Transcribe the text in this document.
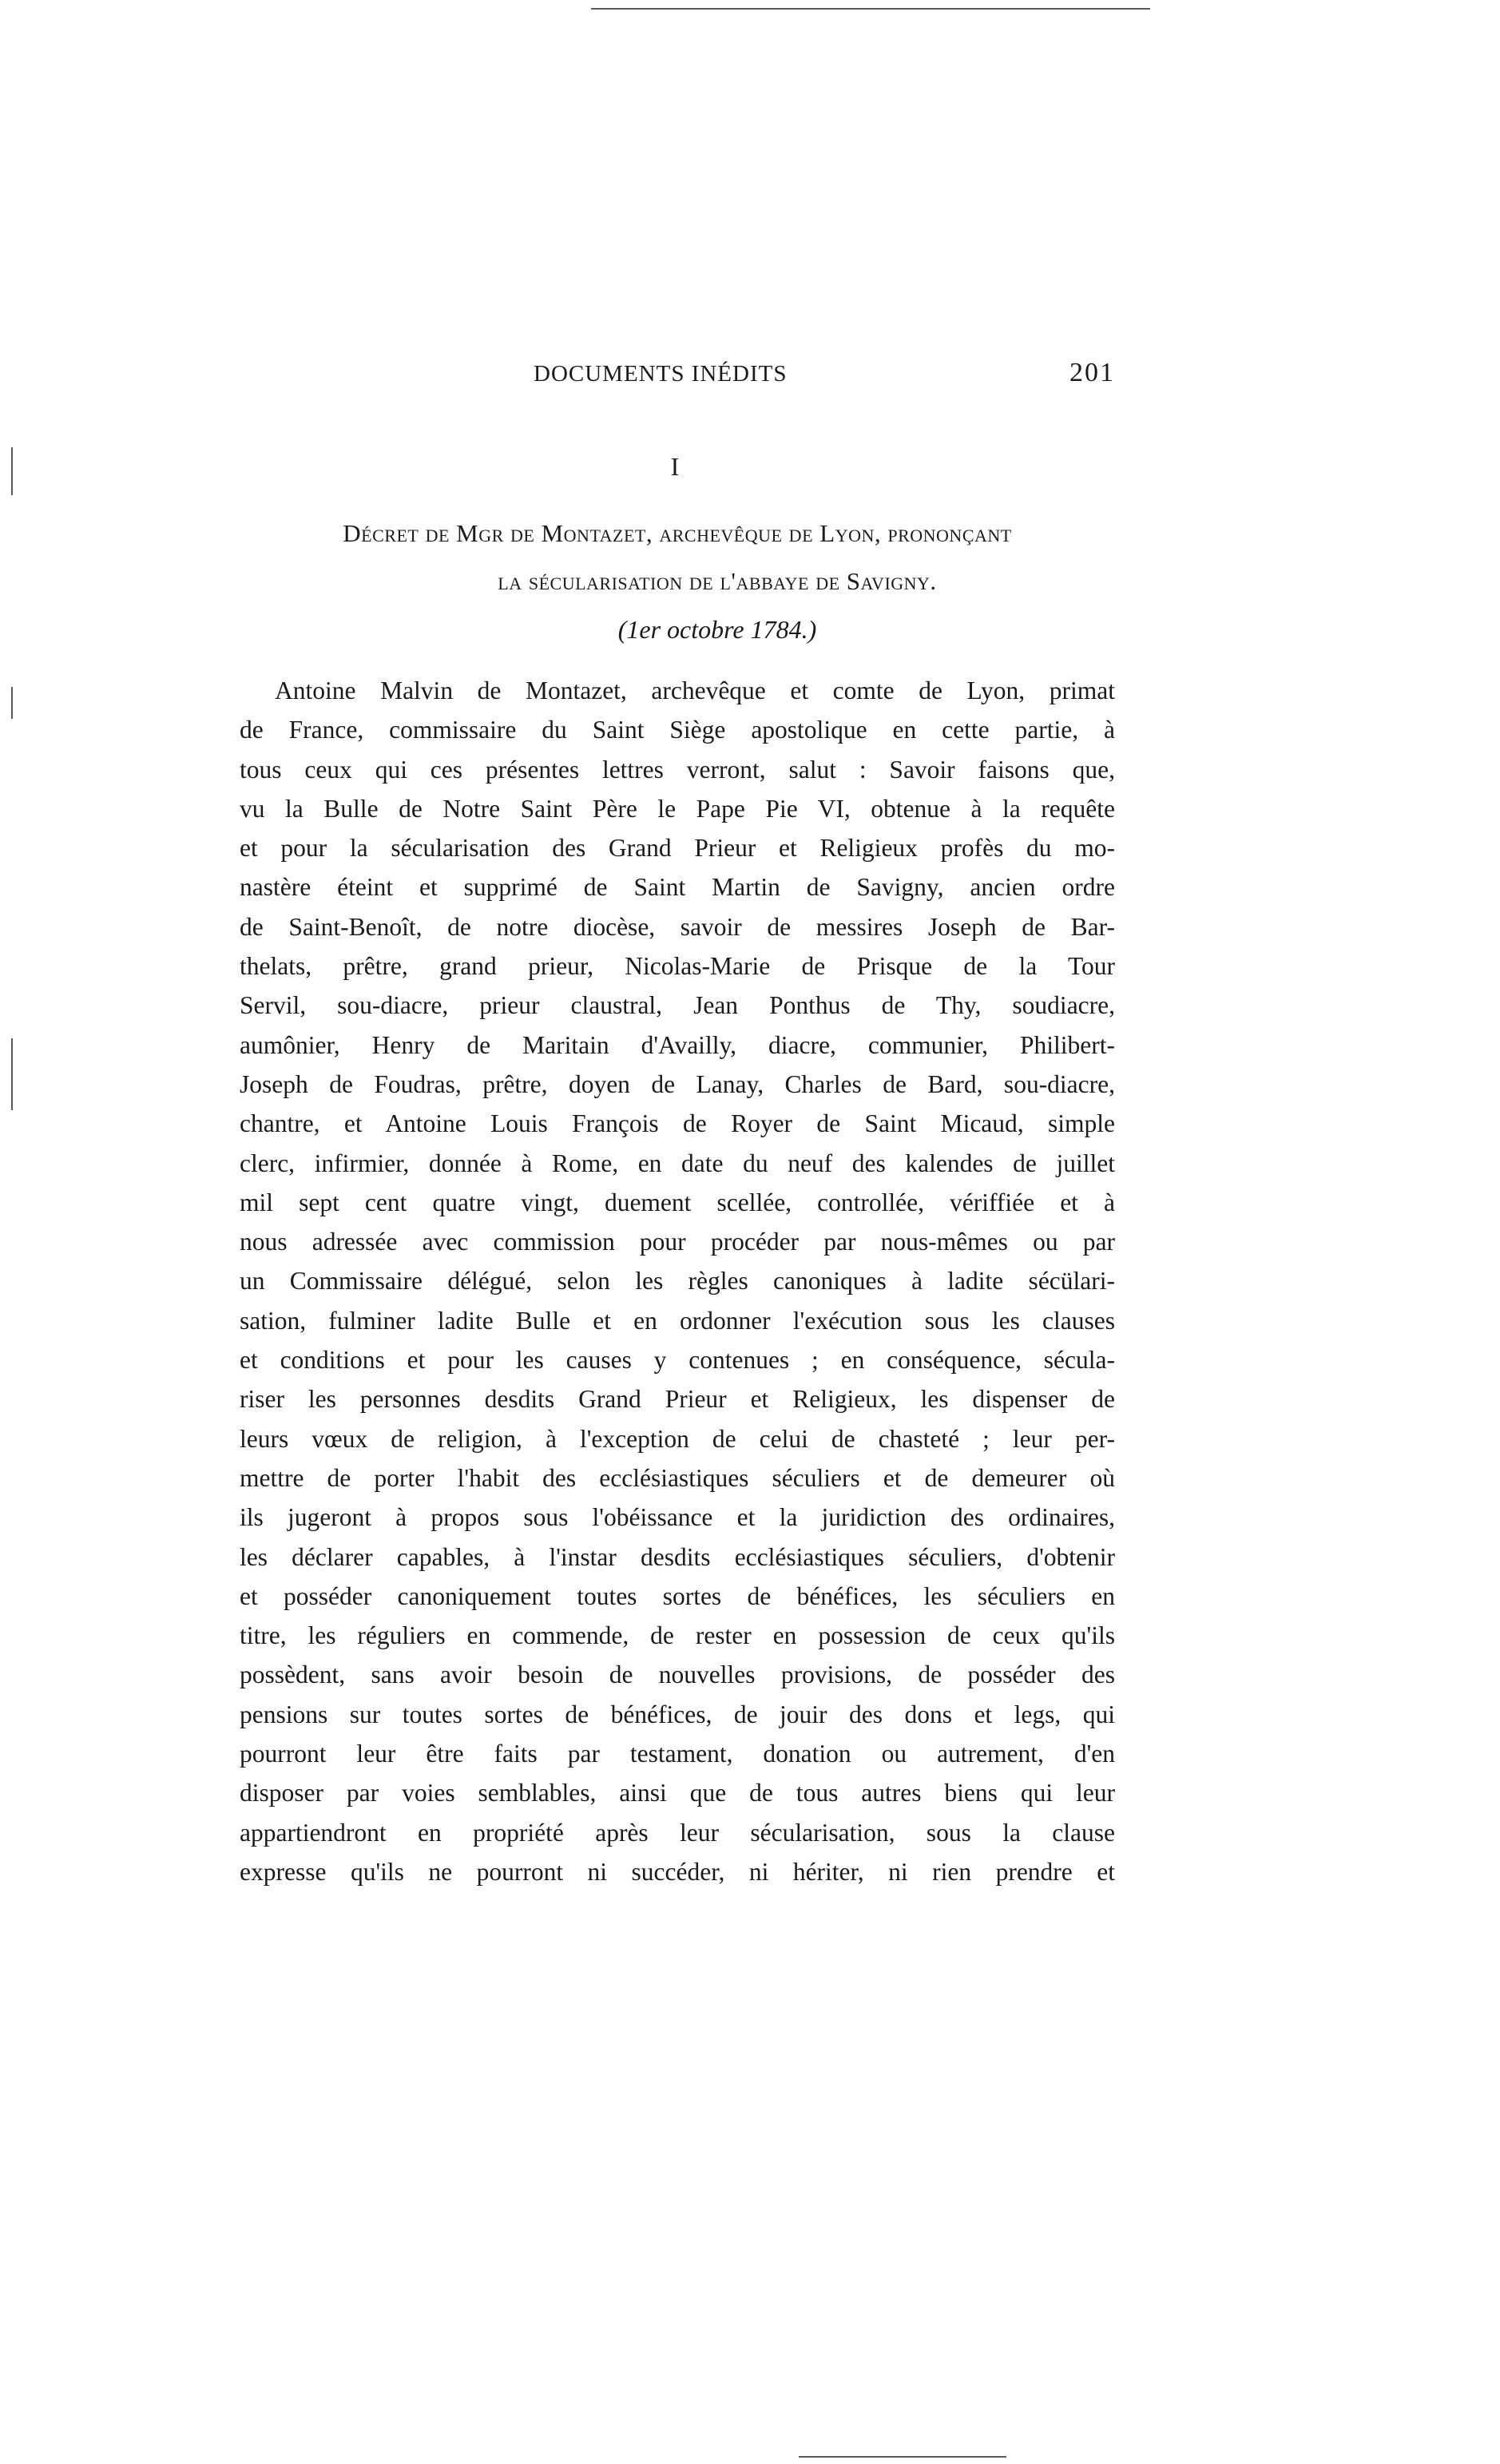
DOCUMENTS INÉDITS	201
I
Décret de Mgr de Montazet, archevêque de Lyon, prononçant
la sécularisation de l'abbaye de Savigny.
(1er octobre 1784.)
Antoine Malvin de Montazet, archevêque et comte de Lyon, primat
de France, commissaire du Saint Siège apostolique en cette partie, à
tous ceux qui ces présentes lettres verront, salut : Savoir faisons que,
vu la Bulle de Notre Saint Père le Pape Pie VI, obtenue à la requête
et pour la sécularisation des Grand Prieur et Religieux profès du mo-
nastère éteint et supprimé de Saint Martin de Savigny, ancien ordre
de Saint-Benoît, de notre diocèse, savoir de messires Joseph de Bar-
thelats, prêtre, grand prieur, Nicolas-Marie de Prisque de la Tour
Servil, sou-diacre, prieur claustral, Jean Ponthus de Thy, soudiacre,
aumônier, Henry de Maritain d'Availly, diacre, communier, Philibert-
Joseph de Foudras, prêtre, doyen de Lanay, Charles de Bard, sou-diacre,
chantre, et Antoine Louis François de Royer de Saint Micaud, simple
clerc, infirmier, donnée à Rome, en date du neuf des kalendes de juillet
mil sept cent quatre vingt, duement scellée, controllée, vériffiée et à
nous adressée avec commission pour procéder par nous-mêmes ou par
un Commissaire délégué, selon les règles canoniques à ladite sécülari-
sation, fulminer ladite Bulle et en ordonner l'exécution sous les clauses
et conditions et pour les causes y contenues ; en conséquence, sécula-
riser les personnes desdits Grand Prieur et Religieux, les dispenser de
leurs vœux de religion, à l'exception de celui de chasteté ; leur per-
mettre de porter l'habit des ecclésiastiques séculiers et de demeurer où
ils jugeront à propos sous l'obéissance et la juridiction des ordinaires,
les déclarer capables, à l'instar desdits ecclésiastiques séculiers, d'obtenir
et posséder canoniquement toutes sortes de bénéfices, les séculiers en
titre, les réguliers en commende, de rester en possession de ceux qu'ils
possèdent, sans avoir besoin de nouvelles provisions, de posséder des
pensions sur toutes sortes de bénéfices, de jouir des dons et legs, qui
pourront leur être faits par testament, donation ou autrement, d'en
disposer par voies semblables, ainsi que de tous autres biens qui leur
appartiendront en propriété après leur sécularisation, sous la clause
expresse qu'ils ne pourront ni succéder, ni hériter, ni rien prendre et
